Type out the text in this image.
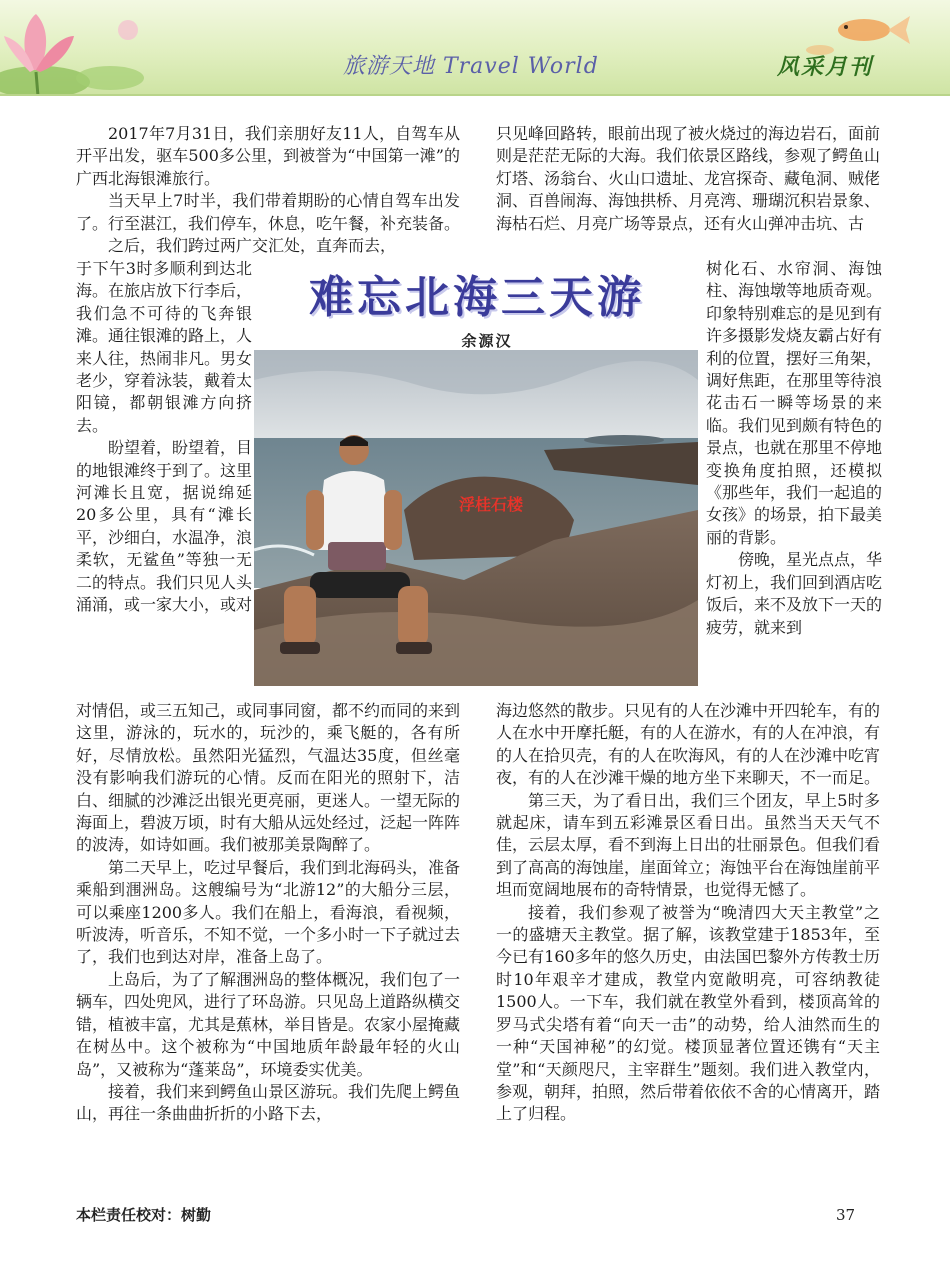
旅游天地 Travel World	风采月刊

2017年7月31日，我们亲朋好友11人，自驾车从开平出发，驱车500多公里，到被誉为“中国第一滩”的广西北海银滩旅行。

当天早上7时半，我们带着期盼的心情自驾车出发了。行至湛江，我们停车，休息，吃午餐，补充装备。

之后，我们跨过两广交汇处，直奔而去，

于下午3时多顺利到达北海。在旅店放下行李后，我们急不可待的飞奔银滩。通往银滩的路上，人来人往，热闹非凡。男女老少，穿着泳装，戴着太阳镜，都朝银滩方向挤去。

盼望着，盼望着，目的地银滩终于到了。这里河滩长且宽，据说绵延20多公里，具有“滩长平，沙细白，水温净，浪柔软，无鲨鱼”等独一无二的特点。我们只见人头涌涌，或一家大小，或对

对情侣，或三五知己，或同事同窗，都不约而同的来到这里，游泳的，玩水的，玩沙的，乘飞艇的，各有所好，尽情放松。虽然阳光猛烈，气温达35度，但丝毫没有影响我们游玩的心情。反而在阳光的照射下，洁白、细腻的沙滩泛出银光更亮丽，更迷人。一望无际的海面上，碧波万顷，时有大船从远处经过，泛起一阵阵的波涛，如诗如画。我们被那美景陶醉了。

第二天早上，吃过早餐后，我们到北海码头，准备乘船到涠洲岛。这艘编号为“北游12”的大船分三层，可以乘座1200多人。我们在船上，看海浪，看视频，听波涛，听音乐，不知不觉，一个多小时一下子就过去了，我们也到达对岸，准备上岛了。

上岛后，为了了解涠洲岛的整体概况，我们包了一辆车，四处兜风，进行了环岛游。只见岛上道路纵横交错，植被丰富，尤其是蕉林，举目皆是。农家小屋掩藏在树丛中。这个被称为“中国地质年龄最年轻的火山岛”，又被称为“蓬莱岛”，环境委实优美。

接着，我们来到鳄鱼山景区游玩。我们先爬上鳄鱼山，再往一条曲曲折折的小路下去，

只见峰回路转，眼前出现了被火烧过的海边岩石，面前则是茫茫无际的大海。我们依景区路线，参观了鳄鱼山灯塔、汤翁台、火山口遗址、龙宫探奇、藏龟洞、贼佬洞、百兽闹海、海蚀拱桥、月亮湾、珊瑚沉积岩景象、海枯石烂、月亮广场等景点，还有火山弹冲击坑、古

树化石、水帘洞、海蚀柱、海蚀墩等地质奇观。印象特别难忘的是见到有许多摄影发烧友霸占好有利的位置，摆好三角架，调好焦距，在那里等待浪花击石一瞬等场景的来临。我们见到颇有特色的景点，也就在那里不停地变换角度拍照，还模拟《那些年，我们一起追的女孩》的场景，拍下最美丽的背影。

傍晚，星光点点，华灯初上，我们回到酒店吃饭后，来不及放下一天的疲劳，就来到

海边悠然的散步。只见有的人在沙滩中开四轮车，有的人在水中开摩托艇，有的人在游水，有的人在冲浪，有的人在拾贝壳，有的人在吹海风，有的人在沙滩中吃宵夜，有的人在沙滩干燥的地方坐下来聊天，不一而足。

第三天，为了看日出，我们三个团友，早上5时多就起床，请车到五彩滩景区看日出。虽然当天天气不佳，云层太厚，看不到海上日出的壮丽景色。但我们看到了高高的海蚀崖，崖面耸立；海蚀平台在海蚀崖前平坦而宽阔地展布的奇特情景，也觉得无憾了。

接着，我们参观了被誉为“晚清四大天主教堂”之一的盛塘天主教堂。据了解，该教堂建于1853年，至今已有160多年的悠久历史，由法国巴黎外方传教士历时10年艰辛才建成，教堂内宽敞明亮，可容纳教徒1500人。一下车，我们就在教堂外看到，楼顶高耸的罗马式尖塔有着“向天一击”的动势，给人油然而生的一种“天国神秘”的幻觉。楼顶显著位置还镌有“天主堂”和“天颜咫尺，主宰群生”题刻。我们进入教堂内，参观，朝拜，拍照，然后带着依依不舍的心情离开，踏上了归程。

难忘北海三天游
余源汉
浮桂石楼
本栏责任校对：树勤	37
